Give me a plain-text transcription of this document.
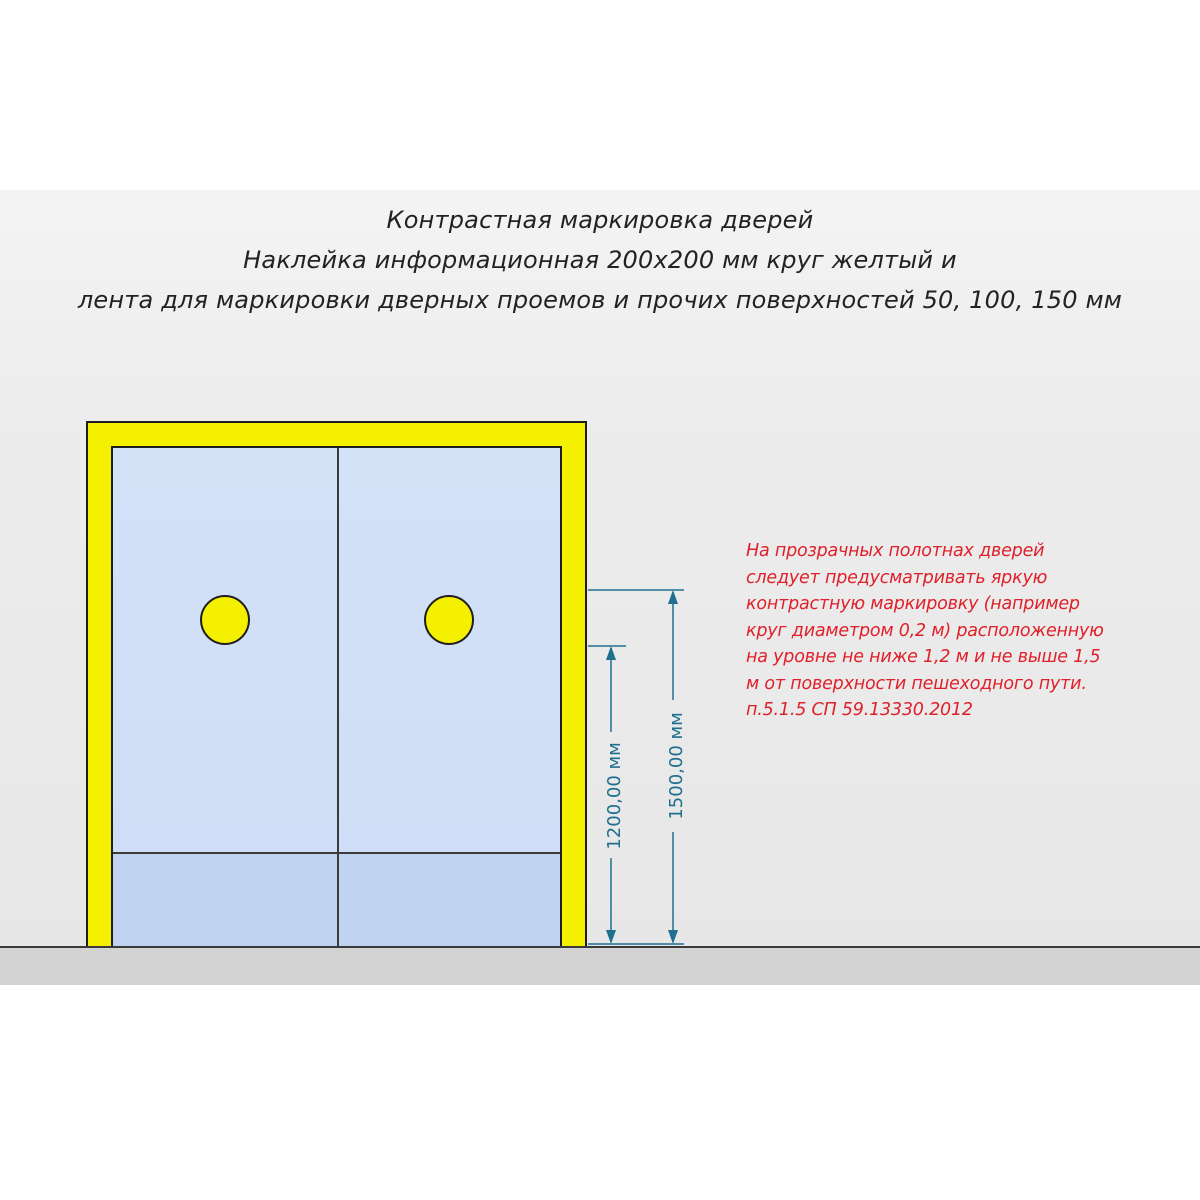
Контрастная маркировка дверей
Наклейка информационная 200х200 мм круг желтый и
лента для маркировки дверных проемов и прочих поверхностей 50, 100, 150 мм
1200,00 мм 1500,00 мм
На прозрачных полотнах дверей
следует предусматривать яркую
контрастную маркировку (например
круг диаметром 0,2 м) расположенную
на уровне не ниже 1,2 м и не выше 1,5
м от поверхности пешеходного пути.
п.5.1.5 СП 59.13330.2012
